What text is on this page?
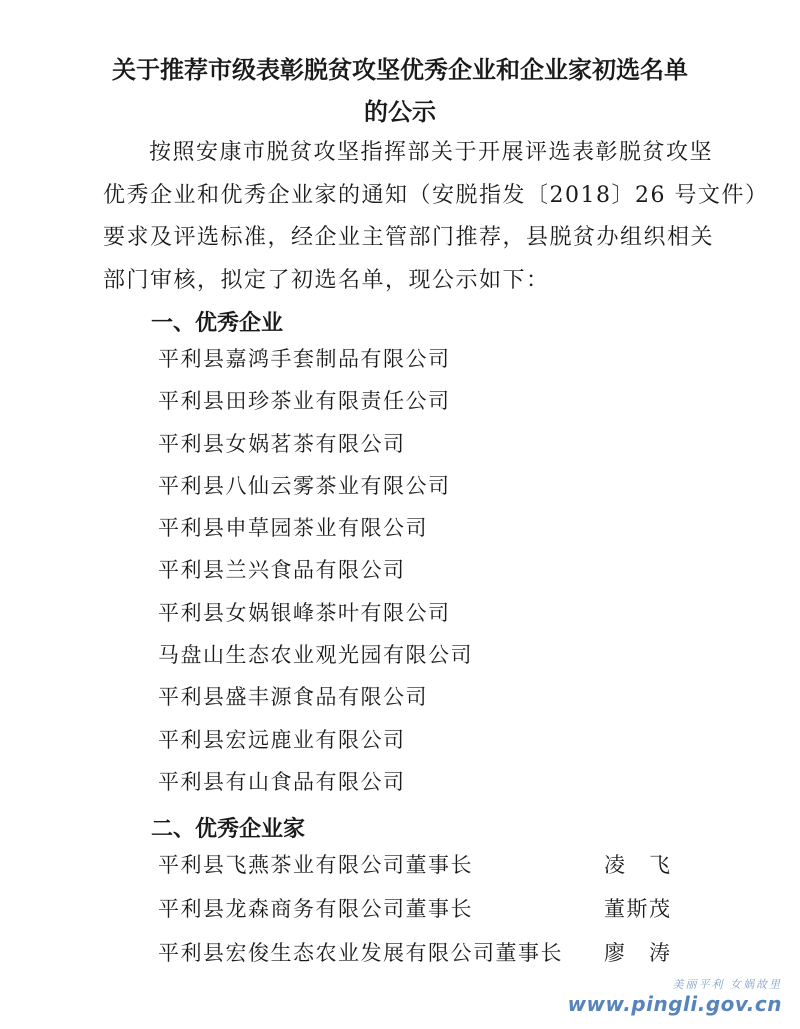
关于推荐市级表彰脱贫攻坚优秀企业和企业家初选名单
的公示
按照安康市脱贫攻坚指挥部关于开展评选表彰脱贫攻坚
优秀企业和优秀企业家的通知（安脱指发〔2018〕26 号文件）
要求及评选标准，经企业主管部门推荐，县脱贫办组织相关
部门审核，拟定了初选名单，现公示如下：
一、优秀企业
平利县嘉鸿手套制品有限公司
平利县田珍茶业有限责任公司
平利县女娲茗茶有限公司
平利县八仙云雾茶业有限公司
平利县申草园茶业有限公司
平利县兰兴食品有限公司
平利县女娲银峰茶叶有限公司
马盘山生态农业观光园有限公司
平利县盛丰源食品有限公司
平利县宏远鹿业有限公司
平利县有山食品有限公司
二、优秀企业家
平利县飞燕茶业有限公司董事长	凌　飞
平利县龙森商务有限公司董事长	董斯茂
平利县宏俊生态农业发展有限公司董事长 廖　涛
美丽平利 女娲故里
www.pingli.gov.cn
